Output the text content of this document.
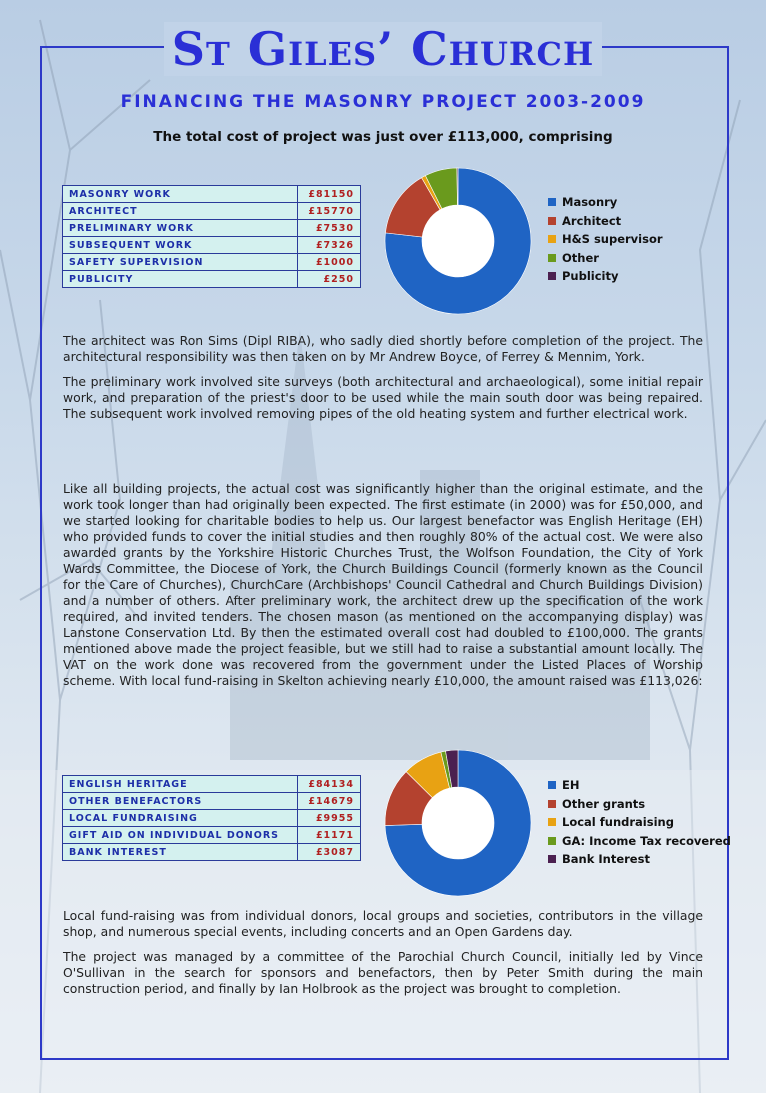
St Giles’ Church
FINANCING THE MASONRY PROJECT 2003-2009
The total cost of project was just over £113,000, comprising
MASONRY WORK	£81150
ARCHITECT	£15770
PRELIMINARY WORK	£7530
SUBSEQUENT WORK	£7326
SAFETY SUPERVISION	£1000
PUBLICITY	£250
Masonry
Architect
H&S supervisor
Other
Publicity

The architect was Ron Sims (Dipl RIBA), who sadly died shortly before completion of the project. The architectural responsibility was then taken on by Mr Andrew Boyce, of Ferrey & Mennim, York.

The preliminary work involved site surveys (both architectural and archaeological), some initial repair work, and preparation of the priest's door to be used while the main south door was being repaired. The subsequent work involved removing pipes of the old heating system and further electrical work.

Like all building projects, the actual cost was significantly higher than the original estimate, and the work took longer than had originally been expected. The first estimate (in 2000) was for £50,000, and we started looking for charitable bodies to help us. Our largest benefactor was English Heritage (EH) who provided funds to cover the initial studies and then roughly 80% of the actual cost. We were also awarded grants by the Yorkshire Historic Churches Trust, the Wolfson Foundation, the City of York Wards Committee, the Diocese of York, the Church Buildings Council (formerly known as the Council for the Care of Churches), ChurchCare (Archbishops' Council Cathedral and Church Buildings Division) and a number of others. After preliminary work, the architect drew up the specification of the work required, and invited tenders. The chosen mason (as mentioned on the accompanying display) was Lanstone Conservation Ltd. By then the estimated overall cost had doubled to £100,000. The grants mentioned above made the project feasible, but we still had to raise a substantial amount locally. The VAT on the work done was recovered from the government under the Listed Places of Worship scheme. With local fund-raising in Skelton achieving nearly £10,000, the amount raised was £113,026:

ENGLISH HERITAGE	£84134
OTHER BENEFACTORS	£14679
LOCAL FUNDRAISING	£9955
GIFT AID ON INDIVIDUAL DONORS	£1171
BANK INTEREST	£3087
EH
Other grants
Local fundraising
GA: Income Tax recovered
Bank Interest

Local fund-raising was from individual donors, local groups and societies, contributors in the village shop, and numerous special events, including concerts and an Open Gardens day.

The project was managed by a committee of the Parochial Church Council, initially led by Vince O'Sullivan in the search for sponsors and benefactors, then by Peter Smith during the main construction period, and finally by Ian Holbrook as the project was brought to completion.
